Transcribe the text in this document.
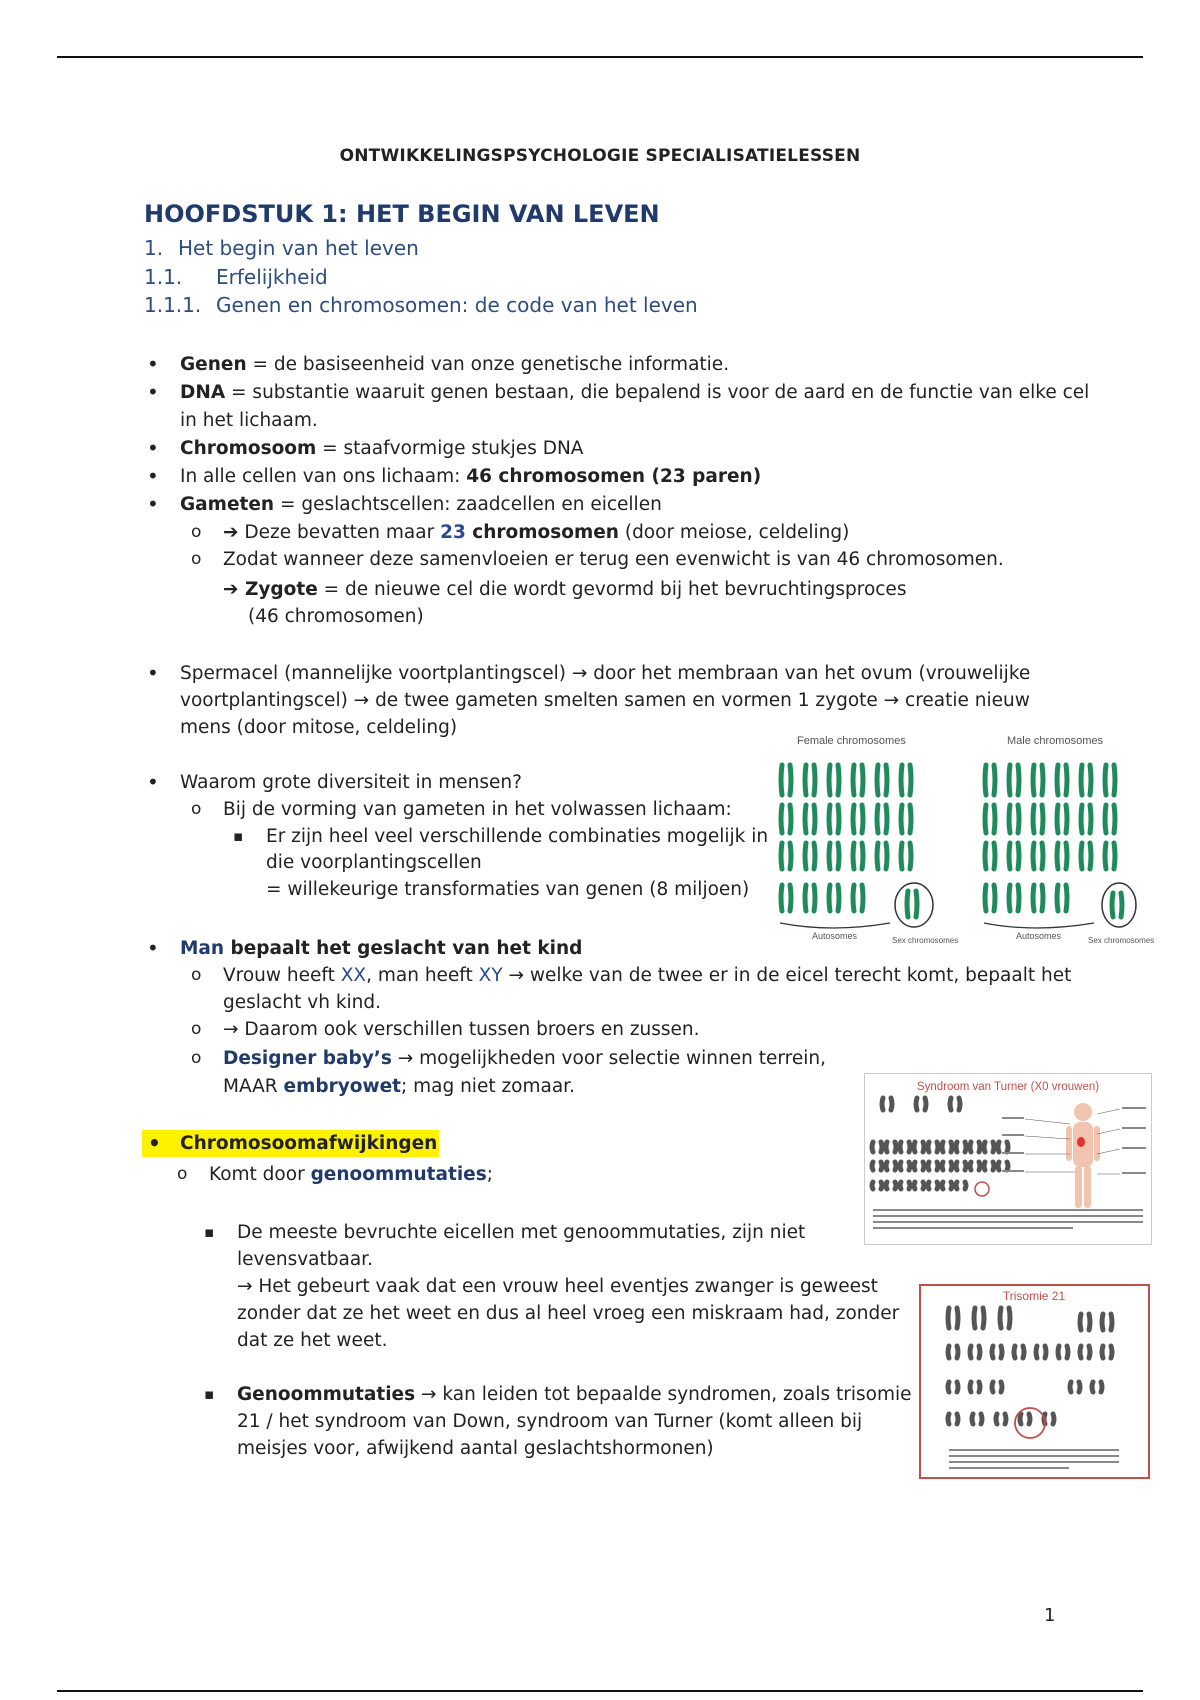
ONTWIKKELINGSPSYCHOLOGIE SPECIALISATIELESSEN
HOOFDSTUK 1: HET BEGIN VAN LEVEN
1. Het begin van het leven
1.1. Erfelijkheid
1.1.1. Genen en chromosomen: de code van het leven
• Genen = de basiseenheid van onze genetische informatie.
• DNA = substantie waaruit genen bestaan, die bepalend is voor de aard en de functie van elke cel
in het lichaam.
• Chromosoom = staafvormige stukjes DNA
• In alle cellen van ons lichaam: 46 chromosomen (23 paren)
• Gameten = geslachtscellen: zaadcellen en eicellen
o ➔ Deze bevatten maar 23 chromosomen (door meiose, celdeling)
o Zodat wanneer deze samenvloeien er terug een evenwicht is van 46 chromosomen.
➔ Zygote = de nieuwe cel die wordt gevormd bij het bevruchtingsproces
(46 chromosomen)
• Spermacel (mannelijke voortplantingscel) → door het membraan van het ovum (vrouwelijke
voortplantingscel) → de twee gameten smelten samen en vormen 1 zygote → creatie nieuw
mens (door mitose, celdeling)
• Waarom grote diversiteit in mensen?
o Bij de vorming van gameten in het volwassen lichaam:
▪ Er zijn heel veel verschillende combinaties mogelijk in
die voorplantingscellen
= willekeurige transformaties van genen (8 miljoen)
• Man bepaalt het geslacht van het kind
o Vrouw heeft XX, man heeft XY → welke van de twee er in de eicel terecht komt, bepaalt het
geslacht vh kind.
o → Daarom ook verschillen tussen broers en zussen.
o Designer baby’s → mogelijkheden voor selectie winnen terrein,
MAAR embryowet; mag niet zomaar.
• Chromosoomafwijkingen
o Komt door genoommutaties;
▪ De meeste bevruchte eicellen met genoommutaties, zijn niet
levensvatbaar.
→ Het gebeurt vaak dat een vrouw heel eventjes zwanger is geweest
zonder dat ze het weet en dus al heel vroeg een miskraam had, zonder
dat ze het weet.
▪ Genoommutaties → kan leiden tot bepaalde syndromen, zoals trisomie
21 / het syndroom van Down, syndroom van Turner (komt alleen bij
meisjes voor, afwijkend aantal geslachtshormonen)
Female chromosomes	Male chromosomes
Autosomes	Autosomes
Sex chromosomes	Sex chromosomes
Syndroom van Turner (X0 vrouwen)
Trisomie 21
1
